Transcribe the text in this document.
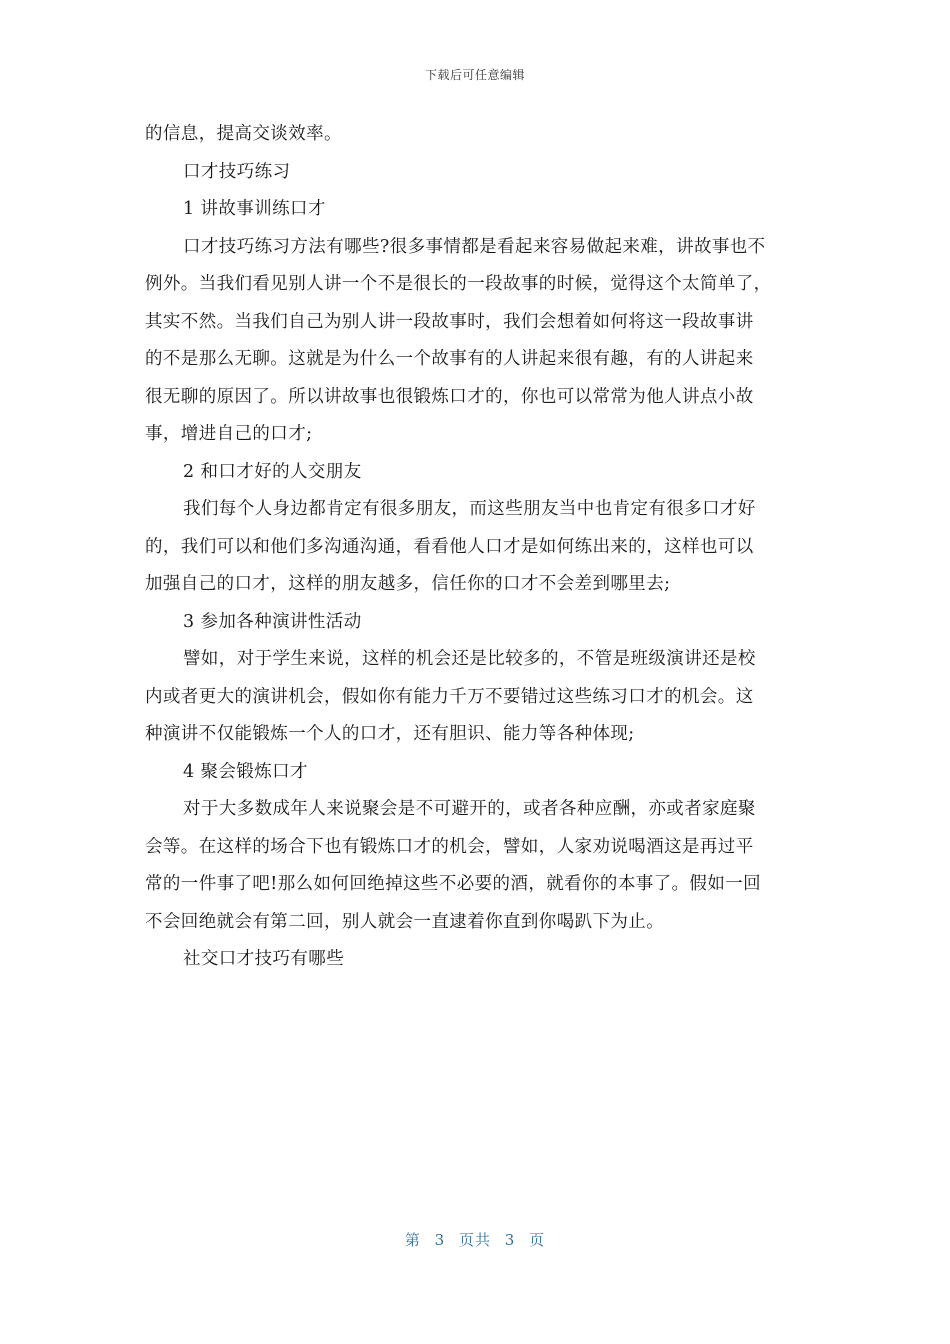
下载后可任意编辑
的信息，提高交谈效率。
口才技巧练习
1 讲故事训练口才
口才技巧练习方法有哪些?很多事情都是看起来容易做起来难，讲故事也不
例外。当我们看见别人讲一个不是很长的一段故事的时候，觉得这个太简单了，
其实不然。当我们自己为别人讲一段故事时，我们会想着如何将这一段故事讲
的不是那么无聊。这就是为什么一个故事有的人讲起来很有趣，有的人讲起来
很无聊的原因了。所以讲故事也很锻炼口才的，你也可以常常为他人讲点小故
事，增进自己的口才;
2 和口才好的人交朋友
我们每个人身边都肯定有很多朋友，而这些朋友当中也肯定有很多口才好
的，我们可以和他们多沟通沟通，看看他人口才是如何练出来的，这样也可以
加强自己的口才，这样的朋友越多，信任你的口才不会差到哪里去;
3 参加各种演讲性活动
譬如，对于学生来说，这样的机会还是比较多的，不管是班级演讲还是校
内或者更大的演讲机会，假如你有能力千万不要错过这些练习口才的机会。这
种演讲不仅能锻炼一个人的口才，还有胆识、能力等各种体现;
4 聚会锻炼口才
对于大多数成年人来说聚会是不可避开的，或者各种应酬，亦或者家庭聚
会等。在这样的场合下也有锻炼口才的机会，譬如，人家劝说喝酒这是再过平
常的一件事了吧!那么如何回绝掉这些不必要的酒，就看你的本事了。假如一回
不会回绝就会有第二回，别人就会一直逮着你直到你喝趴下为止。
社交口才技巧有哪些
第 3 页共 3 页
